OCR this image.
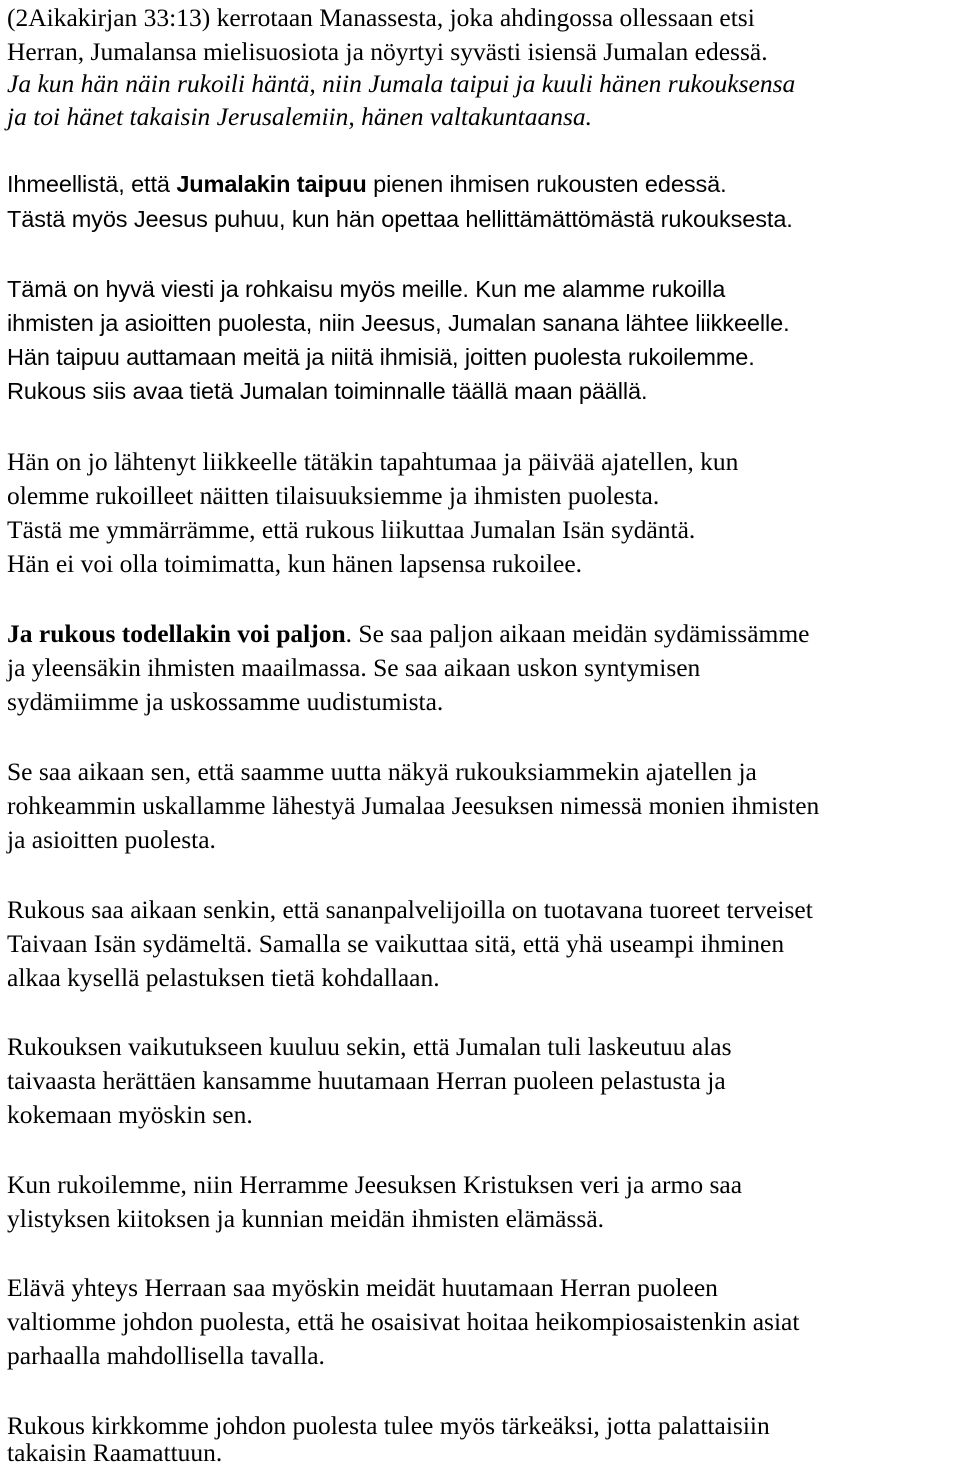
(2Aikakirjan 33:13) kerrotaan Manassesta, joka ahdingossa ollessaan etsi
Herran, Jumalansa mielisuosiota ja nöyrtyi syvästi isiensä Jumalan edessä.
Ja kun hän näin rukoili häntä, niin Jumala taipui ja kuuli hänen rukouksensa
ja toi hänet takaisin Jerusalemiin, hänen valtakuntaansa.
Ihmeellistä, että Jumalakin taipuu pienen ihmisen rukousten edessä.
Tästä myös Jeesus puhuu, kun hän opettaa hellittämättömästä rukouksesta.
Tämä on hyvä viesti ja rohkaisu myös meille. Kun me alamme rukoilla
ihmisten ja asioitten puolesta, niin Jeesus, Jumalan sanana lähtee liikkeelle.
Hän taipuu auttamaan meitä ja niitä ihmisiä, joitten puolesta rukoilemme.
Rukous siis avaa tietä Jumalan toiminnalle täällä maan päällä.
Hän on jo lähtenyt liikkeelle tätäkin tapahtumaa ja päivää ajatellen, kun
olemme rukoilleet näitten tilaisuuksiemme ja ihmisten puolesta.
Tästä me ymmärrämme, että rukous liikuttaa Jumalan Isän sydäntä.
Hän ei voi olla toimimatta, kun hänen lapsensa rukoilee.
Ja rukous todellakin voi paljon. Se saa paljon aikaan meidän sydämissämme
ja yleensäkin ihmisten maailmassa. Se saa aikaan uskon syntymisen
sydämiimme ja uskossamme uudistumista.
Se saa aikaan sen, että saamme uutta näkyä rukouksiammekin ajatellen ja
rohkeammin uskallamme lähestyä Jumalaa Jeesuksen nimessä monien ihmisten
ja asioitten puolesta.
Rukous saa aikaan senkin, että sananpalvelijoilla on tuotavana tuoreet terveiset
Taivaan Isän sydämeltä. Samalla se vaikuttaa sitä, että yhä useampi ihminen
alkaa kysellä pelastuksen tietä kohdallaan.
Rukouksen vaikutukseen kuuluu sekin, että Jumalan tuli laskeutuu alas
taivaasta herättäen kansamme huutamaan Herran puoleen pelastusta ja
kokemaan myöskin sen.
Kun rukoilemme, niin Herramme Jeesuksen Kristuksen veri ja armo saa
ylistyksen kiitoksen ja kunnian meidän ihmisten elämässä.
Elävä yhteys Herraan saa myöskin meidät huutamaan Herran puoleen
valtiomme johdon puolesta, että he osaisivat hoitaa heikompiosaistenkin asiat
parhaalla mahdollisella tavalla.
Rukous kirkkomme johdon puolesta tulee myös tärkeäksi, jotta palattaisiin
takaisin Raamattuun.
